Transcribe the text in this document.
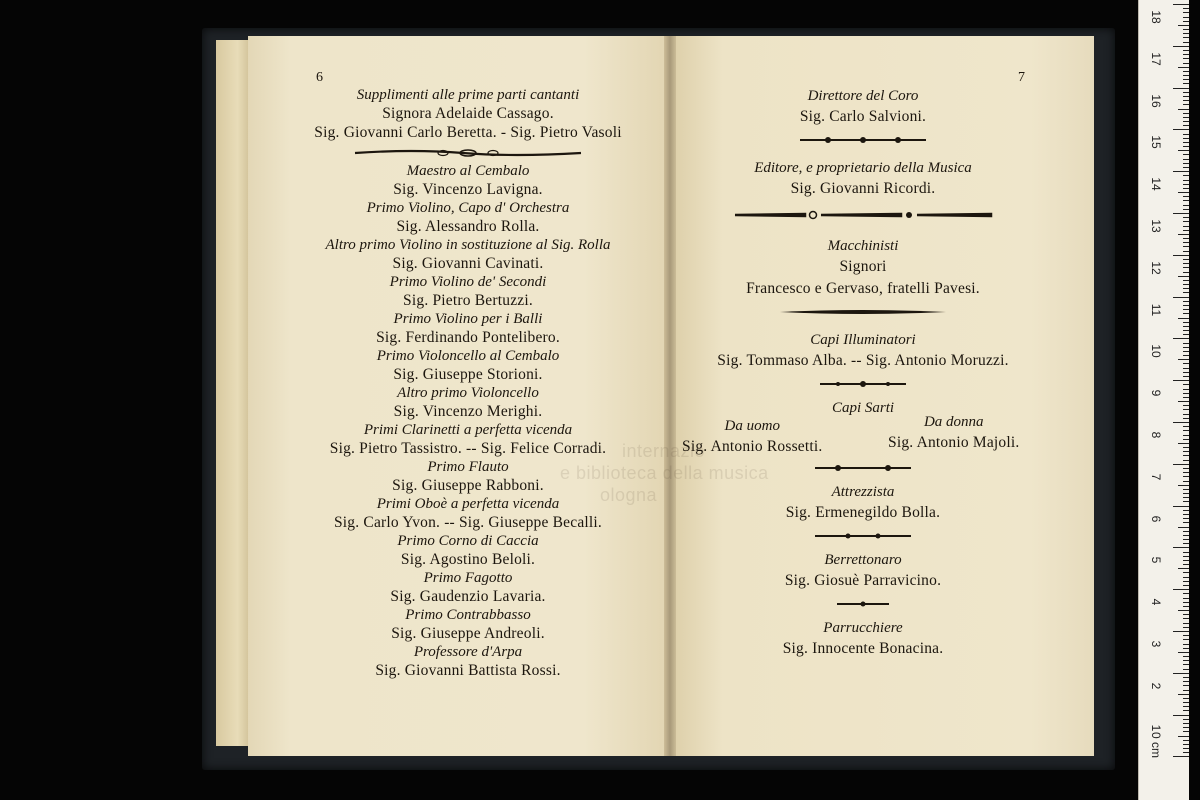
6	7

Supplimenti alle prime parti cantanti

Signora Adelaide Cassago.

Sig. Giovanni Carlo Beretta. - Sig. Pietro Vasoli

Maestro al Cembalo

Sig. Vincenzo Lavigna.

Primo Violino, Capo d' Orchestra

Sig. Alessandro Rolla.

Altro primo Violino in sostituzione al Sig. Rolla

Sig. Giovanni Cavinati.

Primo Violino de' Secondi

Sig. Pietro Bertuzzi.

Primo Violino per i Balli

Sig. Ferdinando Pontelibero.

Primo Violoncello al Cembalo

Sig. Giuseppe Storioni.

Altro primo Violoncello

Sig. Vincenzo Merighi.

Primi Clarinetti a perfetta vicenda

Sig. Pietro Tassistro. -- Sig. Felice Corradi.

Primo Flauto

Sig. Giuseppe Rabboni.

Primi Oboè a perfetta vicenda

Sig. Carlo Yvon. -- Sig. Giuseppe Becalli.

Primo Corno di Caccia

Sig. Agostino Beloli.

Primo Fagotto

Sig. Gaudenzio Lavaria.

Primo Contrabbasso

Sig. Giuseppe Andreoli.

Professore d'Arpa

Sig. Giovanni Battista Rossi.

Direttore del Coro

Sig. Carlo Salvioni.

Editore, e proprietario della Musica

Sig. Giovanni Ricordi.

Macchinisti

Signori

Francesco e Gervaso, fratelli Pavesi.

Capi Illuminatori

Sig. Tommaso Alba. -- Sig. Antonio Moruzzi.

Capi Sarti

Da uomo

Sig. Antonio Rossetti.

Da donna

Sig. Antonio Majoli.

Attrezzista

Sig. Ermenegildo Bolla.

Berrettonaro

Sig. Giosuè Parravicino.

Parrucchiere

Sig. Innocente Bonacina.

18
17
16
15
14
13
12
11
10
9
8
7
6
5
4
3
2
1
0 cm
